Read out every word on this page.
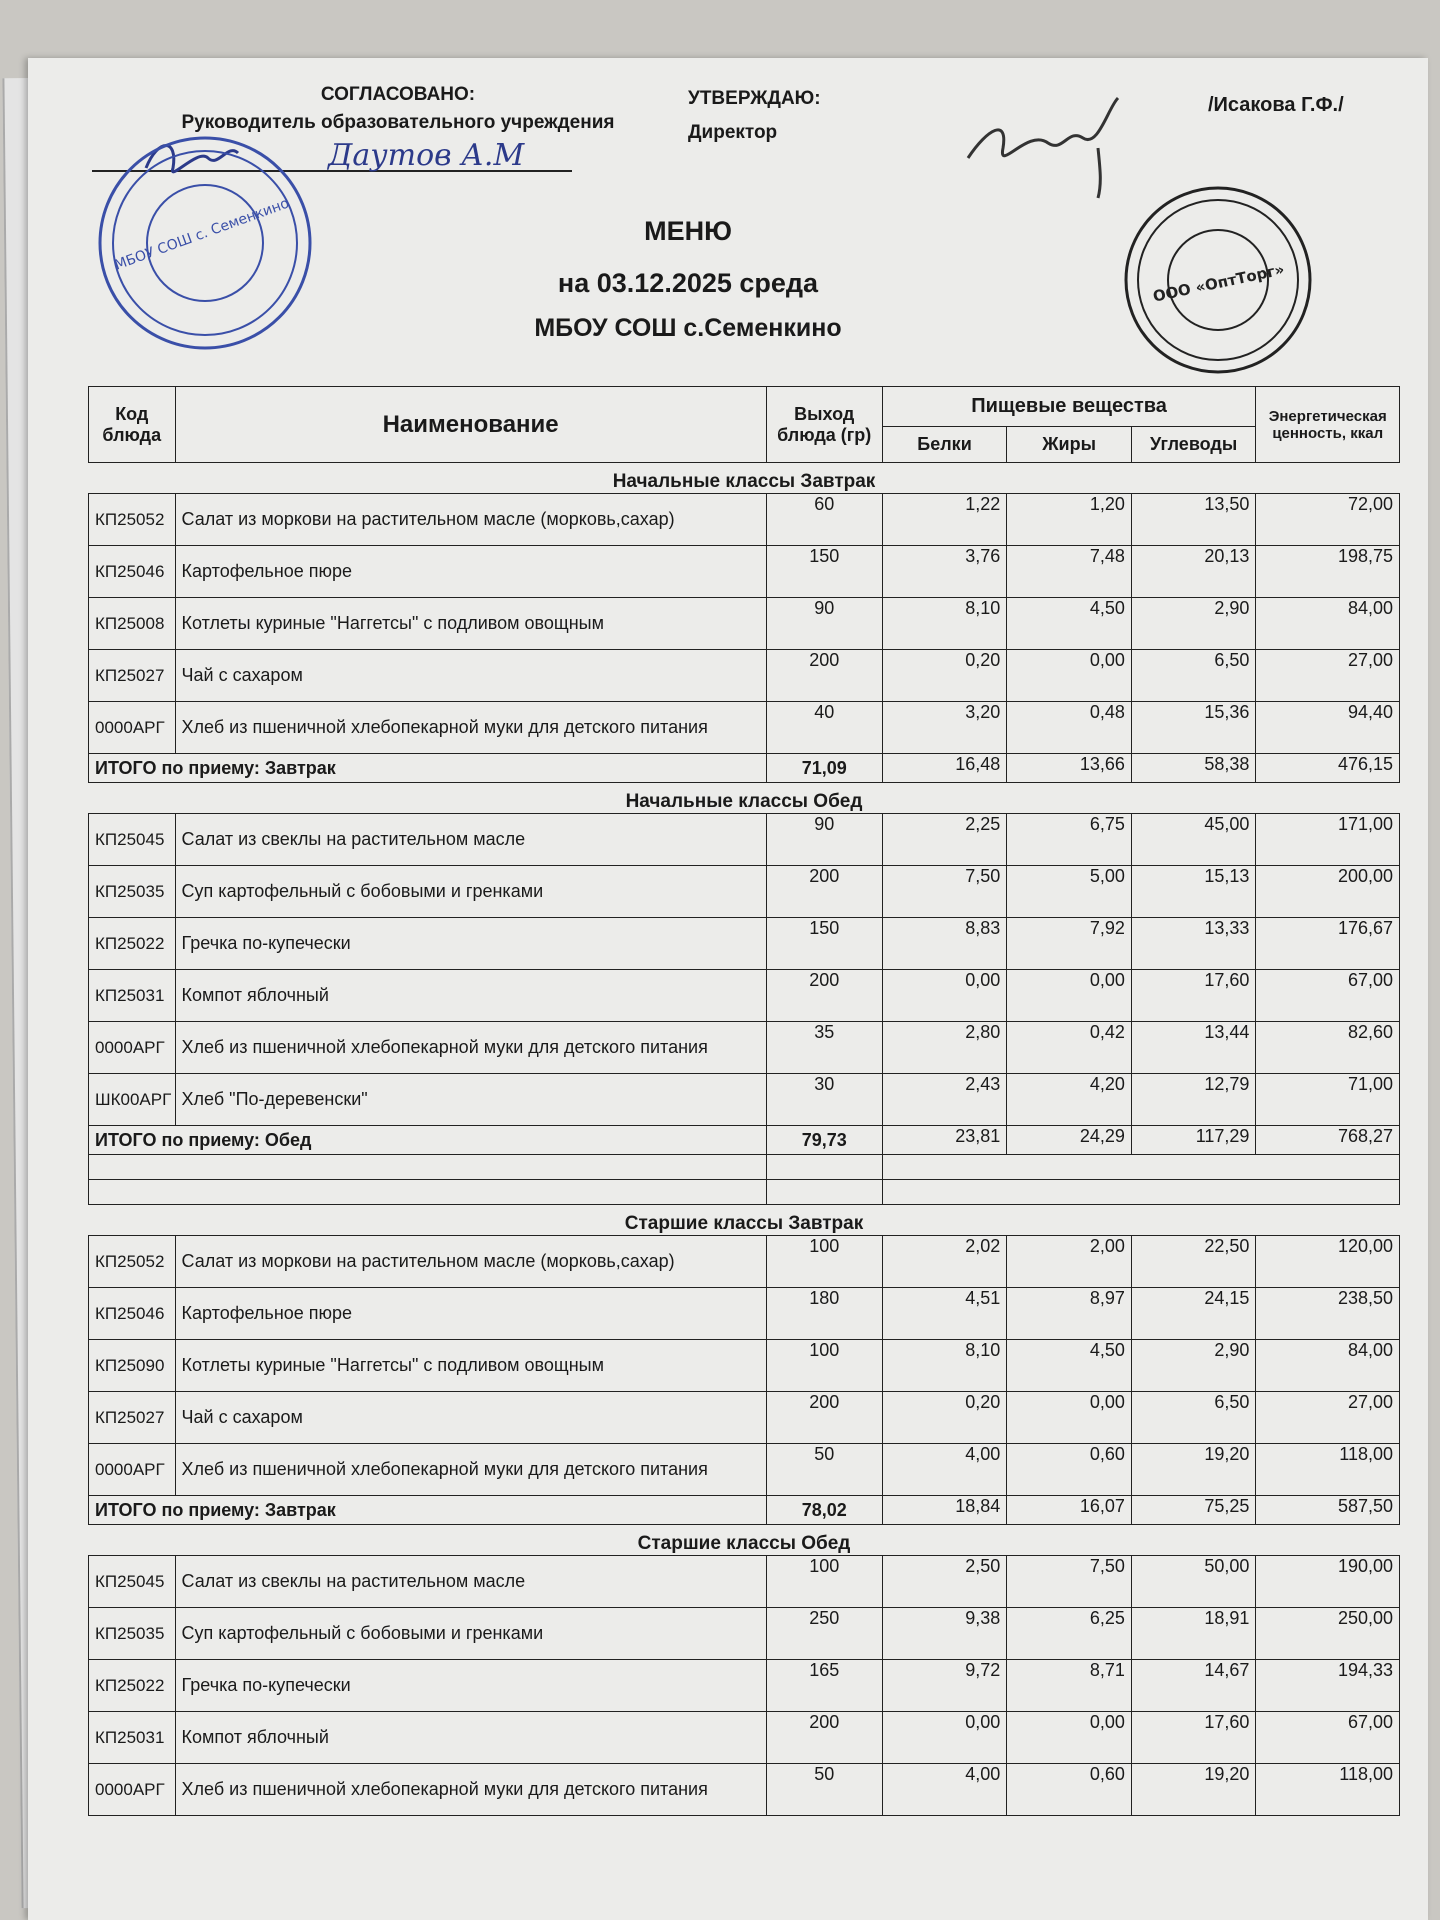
СОГЛАСОВАНО:
Руководитель образовательного учреждения
Даутов А.М
МБОУ СОШ с. Семенкино
УТВЕРЖДАЮ:
Директор
/Исакова Г.Ф./
ООО «ОптТорг»
МЕНЮ
на 03.12.2025 среда
МБОУ СОШ с.Семенкино
Код блюда	Наименование	Выход блюда (гр)	Пищевые вещества			Энергетическая ценность, ккал
			Белки	Жиры	Углеводы	
Начальные классы Завтрак						
КП25052	Салат из моркови на растительном масле (морковь,сахар)	60	1,22	1,20	13,50	72,00
КП25046	Картофельное пюре	150	3,76	7,48	20,13	198,75
КП25008	Котлеты куриные "Наггетсы" с подливом овощным	90	8,10	4,50	2,90	84,00
КП25027	Чай с сахаром	200	0,20	0,00	6,50	27,00
0000АРГ	Хлеб из пшеничной хлебопекарной муки для детского питания	40	3,20	0,48	15,36	94,40
ИТОГО по приему: Завтрак		71,09	16,48	13,66	58,38	476,15
Начальные классы Обед						
КП25045	Салат из свеклы на растительном масле	90	2,25	6,75	45,00	171,00
КП25035	Суп картофельный с бобовыми и гренками	200	7,50	5,00	15,13	200,00
КП25022	Гречка по-купечески	150	8,83	7,92	13,33	176,67
КП25031	Компот яблочный	200	0,00	0,00	17,60	67,00
0000АРГ	Хлеб из пшеничной хлебопекарной муки для детского питания	35	2,80	0,42	13,44	82,60
ШК00АРГ	Хлеб "По-деревенски"	30	2,43	4,20	12,79	71,00
ИТОГО по приему: Обед		79,73	23,81	24,29	117,29	768,27

Старшие классы Завтрак						
КП25052	Салат из моркови на растительном масле (морковь,сахар)	100	2,02	2,00	22,50	120,00
КП25046	Картофельное пюре	180	4,51	8,97	24,15	238,50
КП25090	Котлеты куриные "Наггетсы" с подливом овощным	100	8,10	4,50	2,90	84,00
КП25027	Чай с сахаром	200	0,20	0,00	6,50	27,00
0000АРГ	Хлеб из пшеничной хлебопекарной муки для детского питания	50	4,00	0,60	19,20	118,00
ИТОГО по приему: Завтрак		78,02	18,84	16,07	75,25	587,50
Старшие классы Обед						
КП25045	Салат из свеклы на растительном масле	100	2,50	7,50	50,00	190,00
КП25035	Суп картофельный с бобовыми и гренками	250	9,38	6,25	18,91	250,00
КП25022	Гречка по-купечески	165	9,72	8,71	14,67	194,33
КП25031	Компот яблочный	200	0,00	0,00	17,60	67,00
0000АРГ	Хлеб из пшеничной хлебопекарной муки для детского питания	50	4,00	0,60	19,20	118,00
